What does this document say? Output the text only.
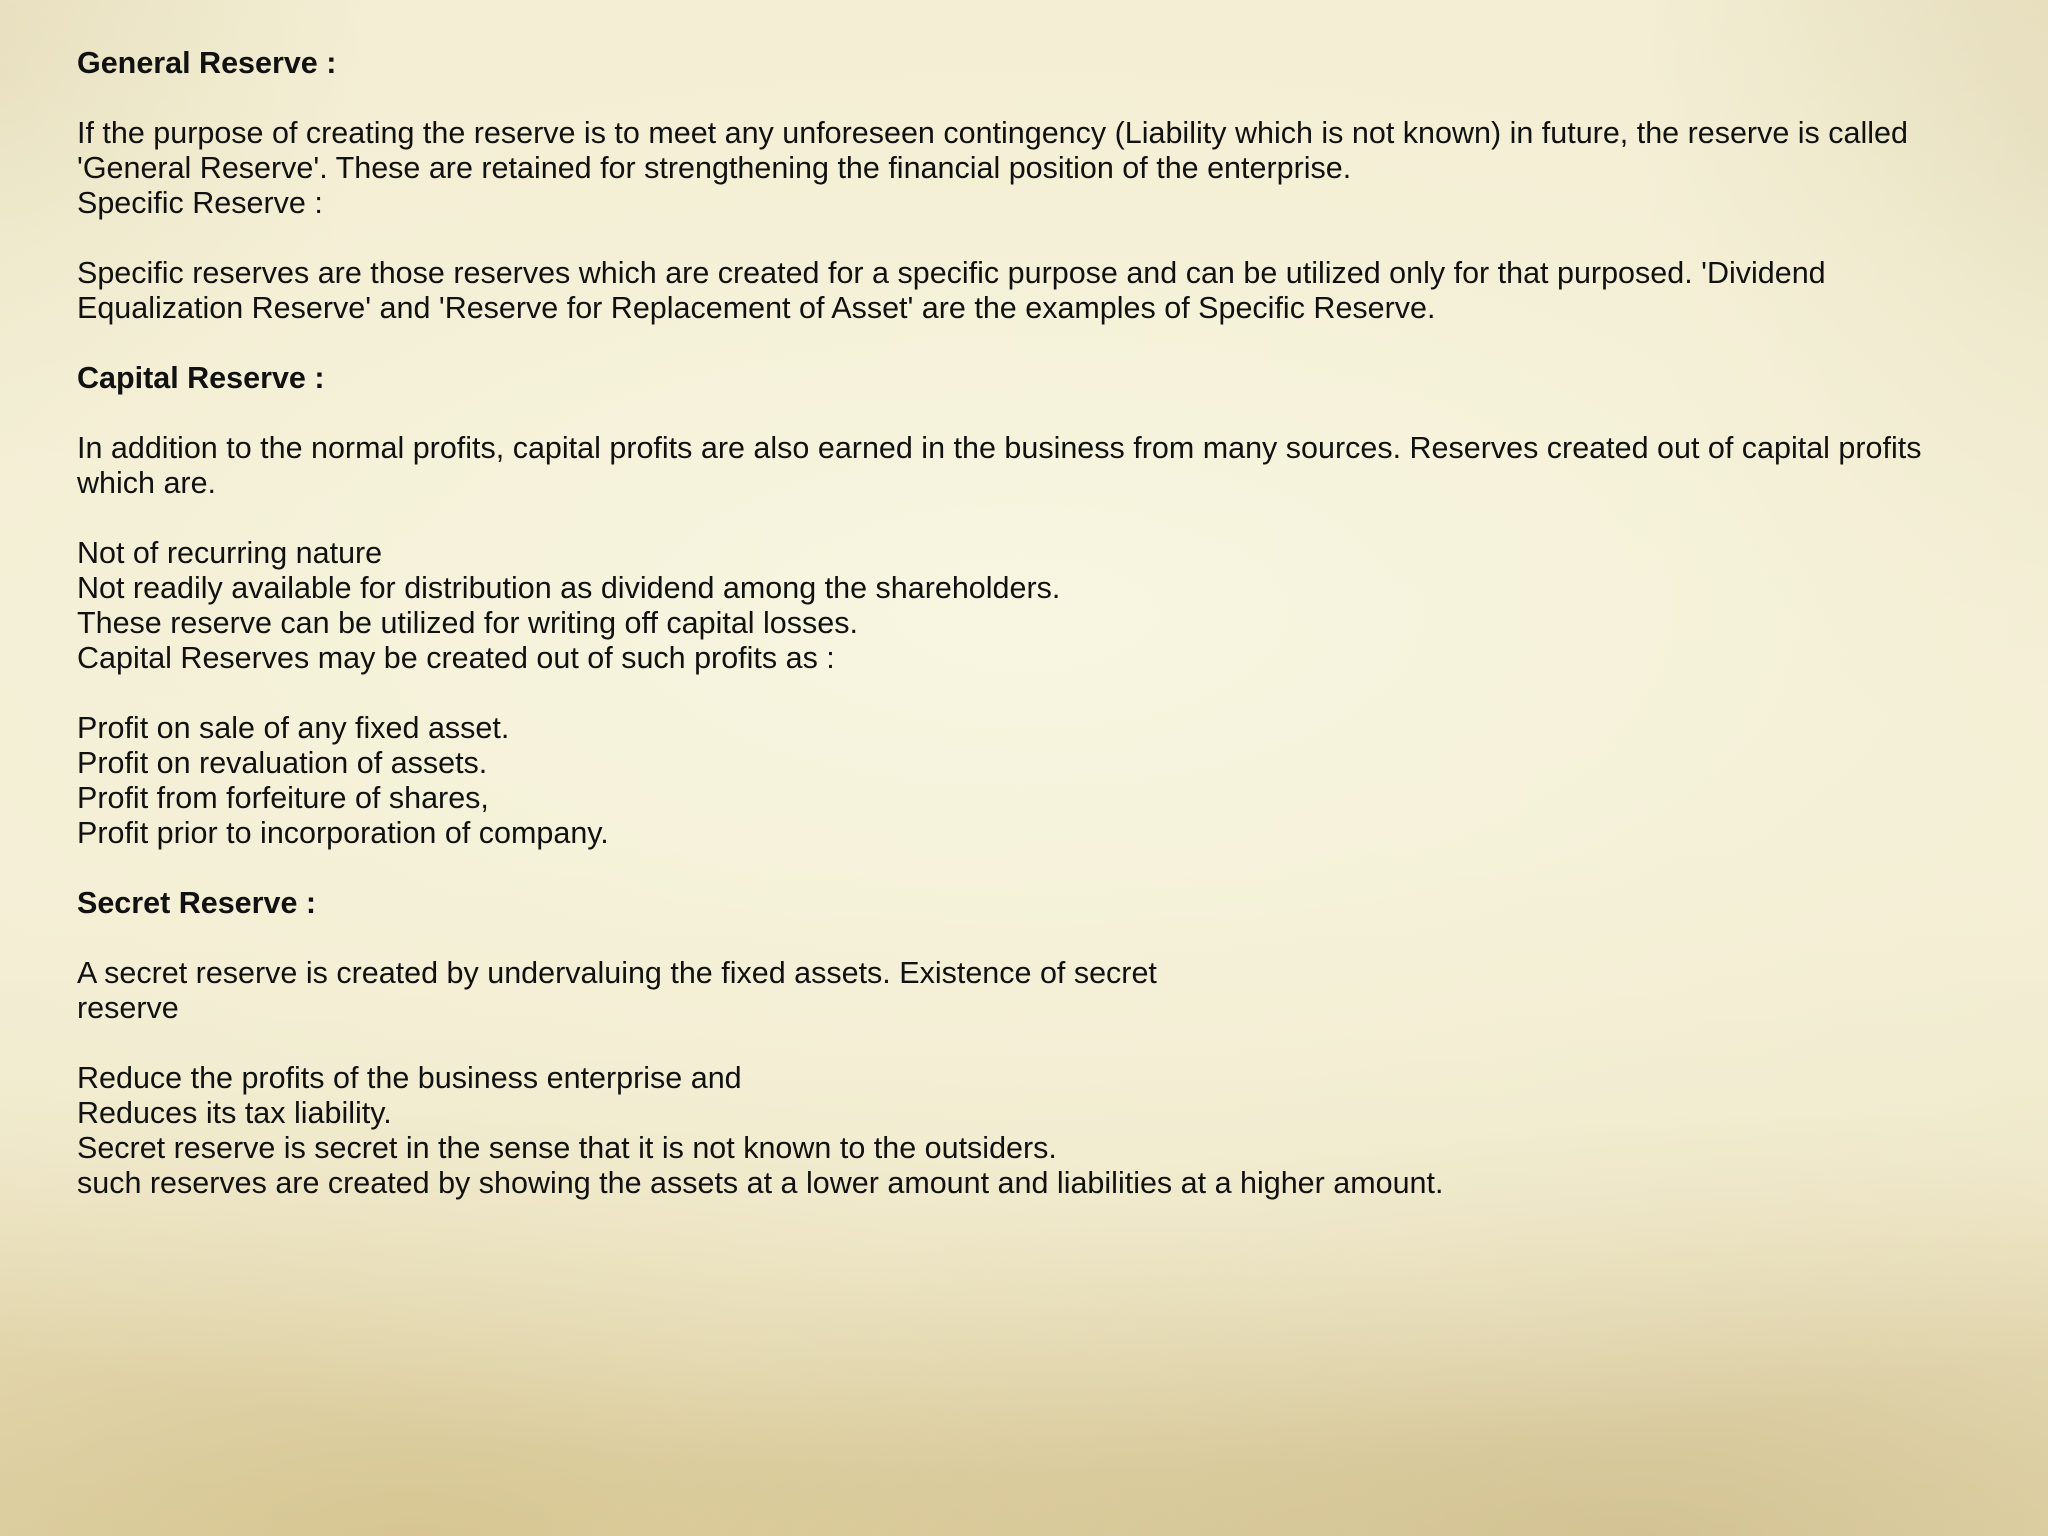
General Reserve :

If the purpose of creating the reserve is to meet any unforeseen contingency (Liability which is not known) in future, the reserve is called

'General Reserve'. These are retained for strengthening the financial position of the enterprise.

Specific Reserve :

Specific reserves are those reserves which are created for a specific purpose and can be utilized only for that purposed. 'Dividend

Equalization Reserve' and 'Reserve for Replacement of Asset' are the examples of Specific Reserve.

Capital Reserve :

In addition to the normal profits, capital profits are also earned in the business from many sources. Reserves created out of capital profits

which are.

Not of recurring nature

Not readily available for distribution as dividend among the shareholders.

These reserve can be utilized for writing off capital losses.

Capital Reserves may be created out of such profits as :

Profit on sale of any fixed asset.

Profit on revaluation of assets.

Profit from forfeiture of shares,

Profit prior to incorporation of company.

Secret Reserve :

A secret reserve is created by undervaluing the fixed assets. Existence of secret

reserve

Reduce the profits of the business enterprise and

Reduces its tax liability.

Secret reserve is secret in the sense that it is not known to the outsiders.

such reserves are created by showing the assets at a lower amount and liabilities at a higher amount.
